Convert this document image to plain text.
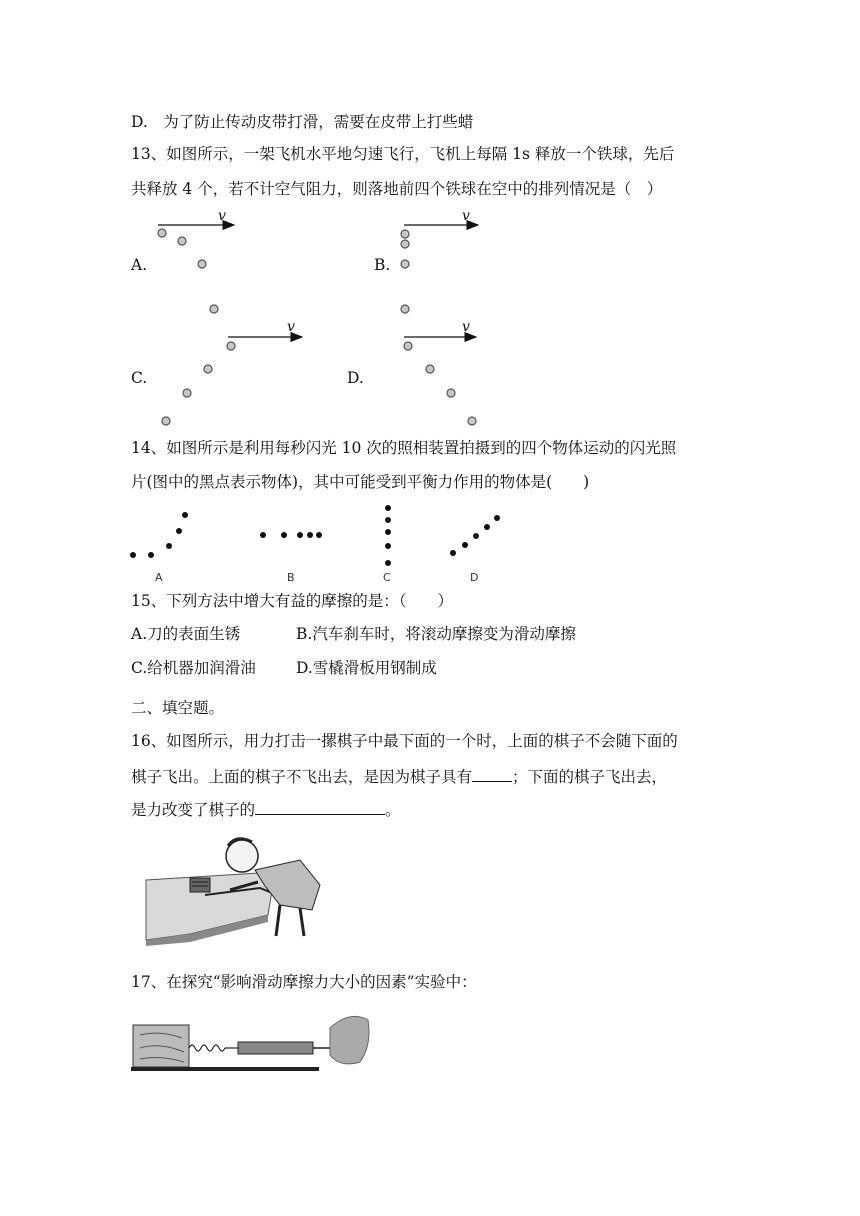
D.　为了防止传动皮带打滑，需要在皮带上打些蜡
13、如图所示，一架飞机水平地匀速飞行，飞机上每隔 1s 释放一个铁球，先后
共释放 4 个，若不计空气阻力，则落地前四个铁球在空中的排列情况是（　）
A.	B.
C.	D.
v	v
v	v
A	B	C	D
14、如图所示是利用每秒闪光 10 次的照相装置拍摄到的四个物体运动的闪光照
片(图中的黑点表示物体)，其中可能受到平衡力作用的物体是(　　)
15、下列方法中增大有益的摩擦的是：（　　）
A.刀的表面生锈	B.汽车刹车时，将滚动摩擦变为滑动摩擦
C.给机器加润滑油	D.雪橇滑板用钢制成
二、填空题。
16、如图所示，用力打击一摞棋子中最下面的一个时，上面的棋子不会随下面的
棋子飞出。上面的棋子不飞出去，是因为棋子具有	；下面的棋子飞出去，
是力改变了棋子的	。
17、在探究“影响滑动摩擦力大小的因素”实验中：
